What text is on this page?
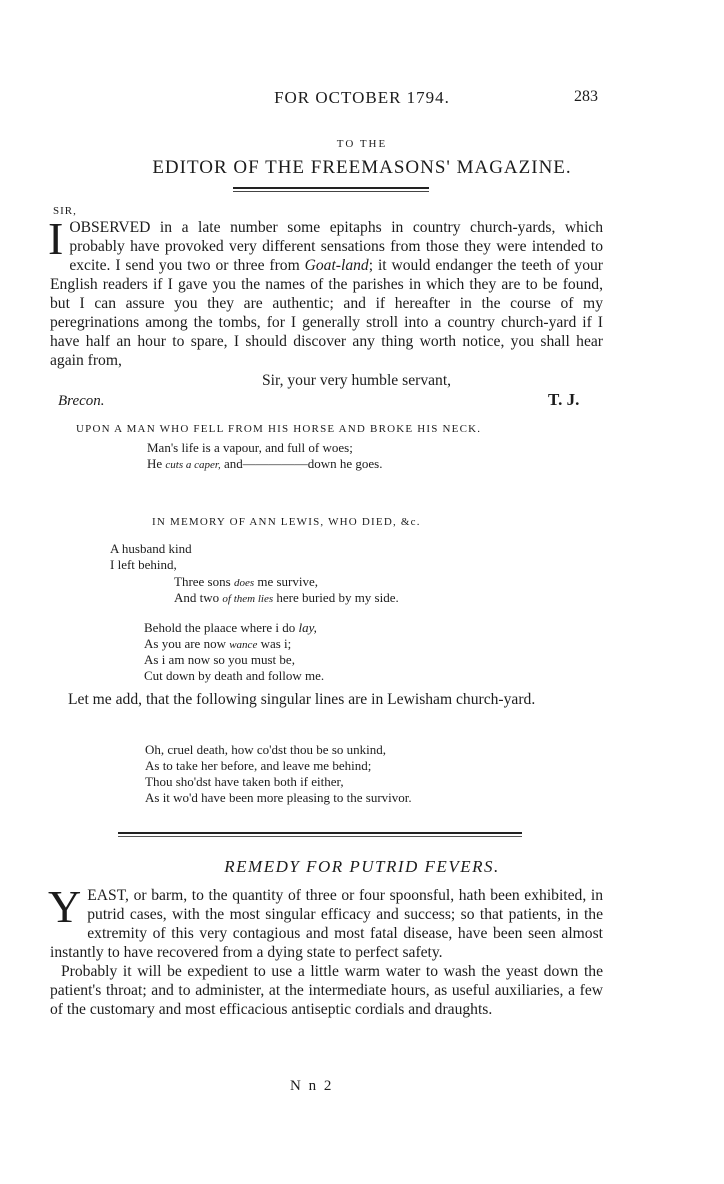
FOR OCTOBER 1794.	283
TO THE
EDITOR OF THE FREEMASONS' MAGAZINE.
SIR,

IOBSERVED in a late number some epitaphs in country church-yards, which probably have provoked very different sensations from those they were intended to excite. I send you two or three from Goat-land; it would endanger the teeth of your English readers if I gave you the names of the parishes in which they are to be found, but I can assure you they are authentic; and if hereafter in the course of my peregrinations among the tombs, for I generally stroll into a country church-yard if I have half an hour to spare, I should discover any thing worth notice, you shall hear again from,

Sir, your very humble servant,
Brecon.	T. J.
UPON A MAN WHO FELL FROM HIS HORSE AND BROKE HIS NECK.
Man's life is a vapour, and full of woes;
He cuts a caper, and—————down he goes.
IN MEMORY OF ANN LEWIS, WHO DIED, &c.
A husband kind
I left behind,
Three sons does me survive,
And two of them lies here buried by my side.
Behold the plaace where i do lay,
As you are now wance was i;
As i am now so you must be,
Cut down by death and follow me.
Let me add, that the following singular lines are in Lewisham church-yard.
Oh, cruel death, how co'dst thou be so unkind,
As to take her before, and leave me behind;
Thou sho'dst have taken both if either,
As it wo'd have been more pleasing to the survivor.
REMEDY FOR PUTRID FEVERS.

YEAST, or barm, to the quantity of three or four spoonsful, hath been exhibited, in putrid cases, with the most singular efficacy and success; so that patients, in the extremity of this very contagious and most fatal disease, have been seen almost instantly to have recovered from a dying state to perfect safety.

Probably it will be expedient to use a little warm water to wash the yeast down the patient's throat; and to administer, at the intermediate hours, as useful auxiliaries, a few of the customary and most efficacious antiseptic cordials and draughts.

N n 2
